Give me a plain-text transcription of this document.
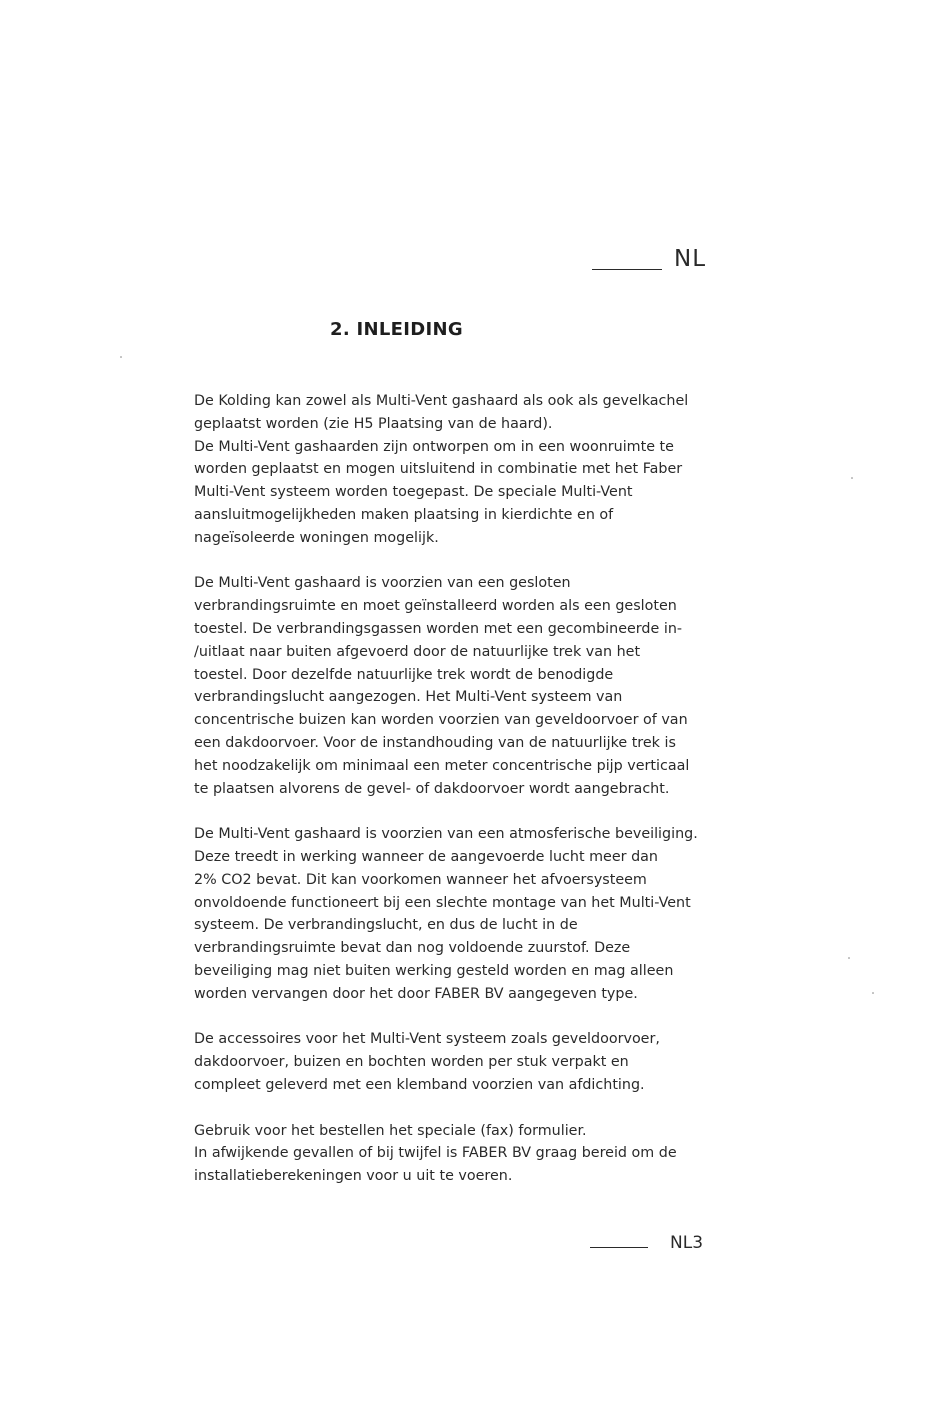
NL
2. INLEIDING

De Kolding kan zowel als Multi-Vent gashaard als ook als gevelkachel
geplaatst worden (zie H5 Plaatsing van de haard).
De Multi-Vent gashaarden zijn ontworpen om in een woonruimte te
worden geplaatst en mogen uitsluitend in combinatie met het Faber
Multi-Vent systeem worden toegepast. De speciale Multi-Vent
aansluitmogelijkheden maken plaatsing in kierdichte en of
nageïsoleerde woningen mogelijk.

De Multi-Vent gashaard is voorzien van een gesloten
verbrandingsruimte en moet geïnstalleerd worden als een gesloten
toestel. De verbrandingsgassen worden met een gecombineerde in-
/uitlaat naar buiten afgevoerd door de natuurlijke trek van het
toestel. Door dezelfde natuurlijke trek wordt de benodigde
verbrandingslucht aangezogen. Het Multi-Vent systeem van
concentrische buizen kan worden voorzien van geveldoorvoer of van
een dakdoorvoer. Voor de instandhouding van de natuurlijke trek is
het noodzakelijk om minimaal een meter concentrische pijp verticaal
te plaatsen alvorens de gevel- of dakdoorvoer wordt aangebracht.

De Multi-Vent gashaard is voorzien van een atmosferische beveiliging.
Deze treedt in werking wanneer de aangevoerde lucht meer dan
2% CO2 bevat. Dit kan voorkomen wanneer het afvoersysteem
onvoldoende functioneert bij een slechte montage van het Multi-Vent
systeem. De verbrandingslucht, en dus de lucht in de
verbrandingsruimte bevat dan nog voldoende zuurstof. Deze
beveiliging mag niet buiten werking gesteld worden en mag alleen
worden vervangen door het door FABER BV aangegeven type.

De accessoires voor het Multi-Vent systeem zoals geveldoorvoer,
dakdoorvoer, buizen en bochten worden per stuk verpakt en
compleet geleverd met een klemband voorzien van afdichting.

Gebruik voor het bestellen het speciale (fax) formulier.
In afwijkende gevallen of bij twijfel is FABER BV graag bereid om de
installatieberekeningen voor u uit te voeren.

NL3
